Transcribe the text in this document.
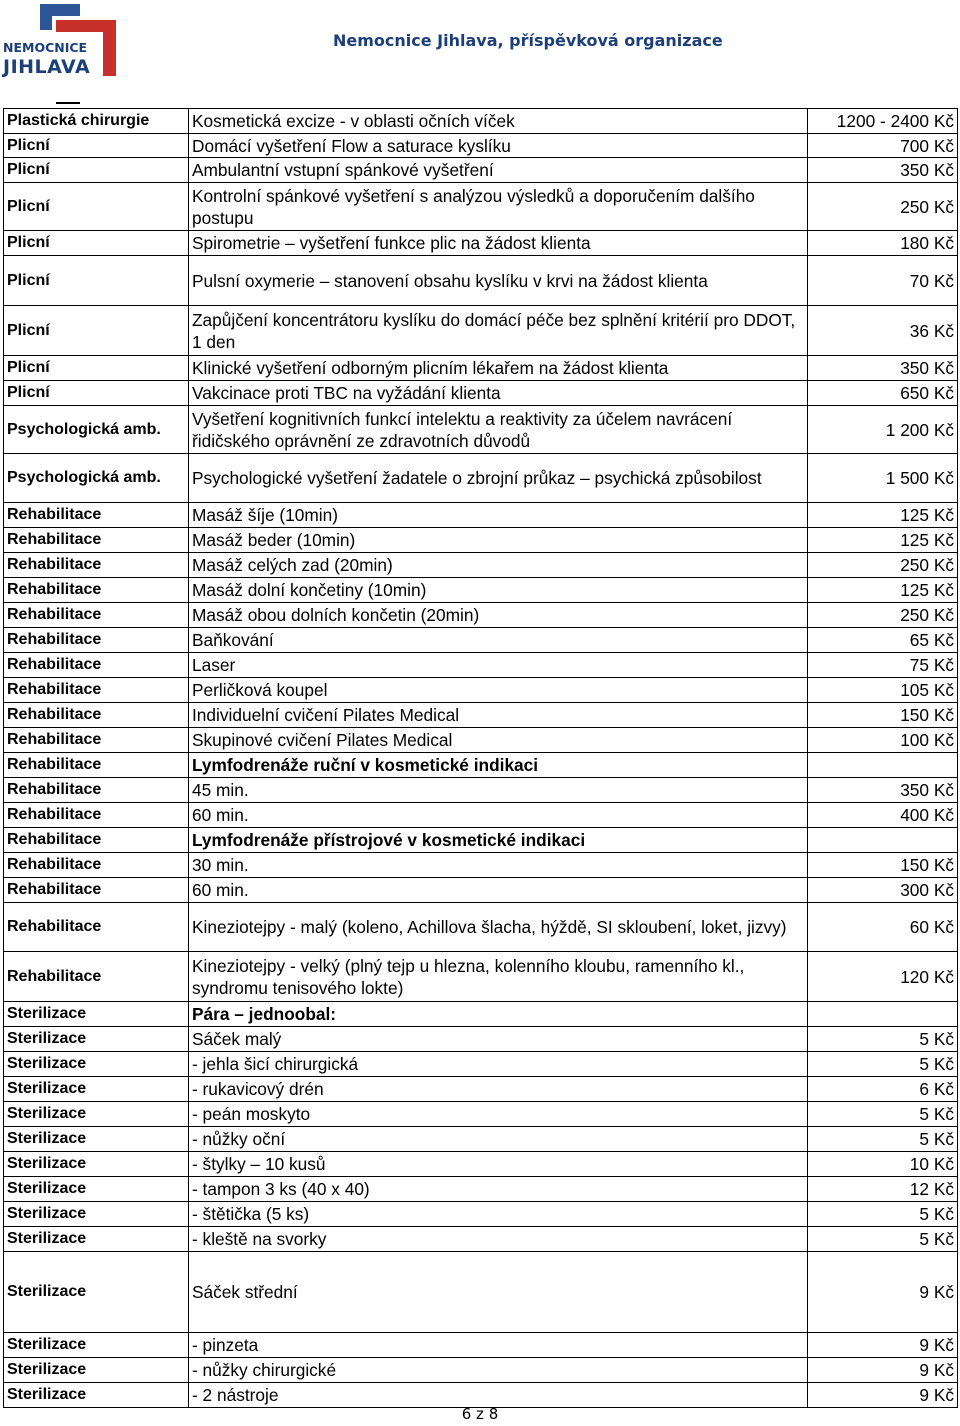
NEMOCNICE
JIHLAVA
Nemocnice Jihlava, příspěvková organizace
Plastická chirurgie	Kosmetická excize - v oblasti očních víček	1200 - 2400 Kč
Plicní	Domácí vyšetření Flow a saturace kyslíku	700 Kč
Plicní	Ambulantní vstupní spánkové vyšetření	350 Kč
Plicní	Kontrolní spánkové vyšetření s analýzou výsledků a doporučením dalšího postupu	250 Kč
Plicní	Spirometrie – vyšetření funkce plic na žádost klienta	180 Kč
Plicní	Pulsní oxymerie – stanovení obsahu kyslíku v krvi na žádost klienta	70 Kč
Plicní	Zapůjčení koncentrátoru kyslíku do domácí péče bez splnění kritérií pro DDOT, 1 den	36 Kč
Plicní	Klinické vyšetření odborným plicním lékařem na žádost klienta	350 Kč
Plicní	Vakcinace proti TBC na vyžádání klienta	650 Kč
Psychologická amb.	Vyšetření kognitivních funkcí intelektu a reaktivity za účelem navrácení řidičského oprávnění ze zdravotních důvodů	1 200 Kč
Psychologická amb.	Psychologické vyšetření žadatele o zbrojní průkaz – psychická způsobilost	1 500 Kč
Rehabilitace	Masáž šíje (10min)	125 Kč
Rehabilitace	Masáž beder (10min)	125 Kč
Rehabilitace	Masáž celých zad (20min)	250 Kč
Rehabilitace	Masáž dolní končetiny (10min)	125 Kč
Rehabilitace	Masáž obou dolních končetin (20min)	250 Kč
Rehabilitace	Baňkování	65 Kč
Rehabilitace	Laser	75 Kč
Rehabilitace	Perličková koupel	105 Kč
Rehabilitace	Individuelní cvičení Pilates Medical	150 Kč
Rehabilitace	Skupinové cvičení Pilates Medical	100 Kč
Rehabilitace	Lymfodrenáže ruční v kosmetické indikaci	
Rehabilitace	45 min.	350 Kč
Rehabilitace	60 min.	400 Kč
Rehabilitace	Lymfodrenáže přístrojové v kosmetické indikaci	
Rehabilitace	30 min.	150 Kč
Rehabilitace	60 min.	300 Kč
Rehabilitace	Kineziotejpy - malý (koleno, Achillova šlacha, hýždě, SI skloubení, loket, jizvy)	60 Kč
Rehabilitace	Kineziotejpy - velký (plný tejp u hlezna, kolenního kloubu, ramenního kl., syndromu tenisového lokte)	120 Kč
Sterilizace	Pára – jednoobal:	
Sterilizace	Sáček malý	5 Kč
Sterilizace	- jehla šicí chirurgická	5 Kč
Sterilizace	- rukavicový drén	6 Kč
Sterilizace	- peán moskyto	5 Kč
Sterilizace	- nůžky oční	5 Kč
Sterilizace	- štylky – 10 kusů	10 Kč
Sterilizace	- tampon 3 ks (40 x 40)	12 Kč
Sterilizace	- štětička (5 ks)	5 Kč
Sterilizace	- kleště na svorky	5 Kč
Sterilizace	Sáček střední	9 Kč
Sterilizace	- pinzeta	9 Kč
Sterilizace	- nůžky chirurgické	9 Kč
Sterilizace	- 2 nástroje	9 Kč
6 z 8
